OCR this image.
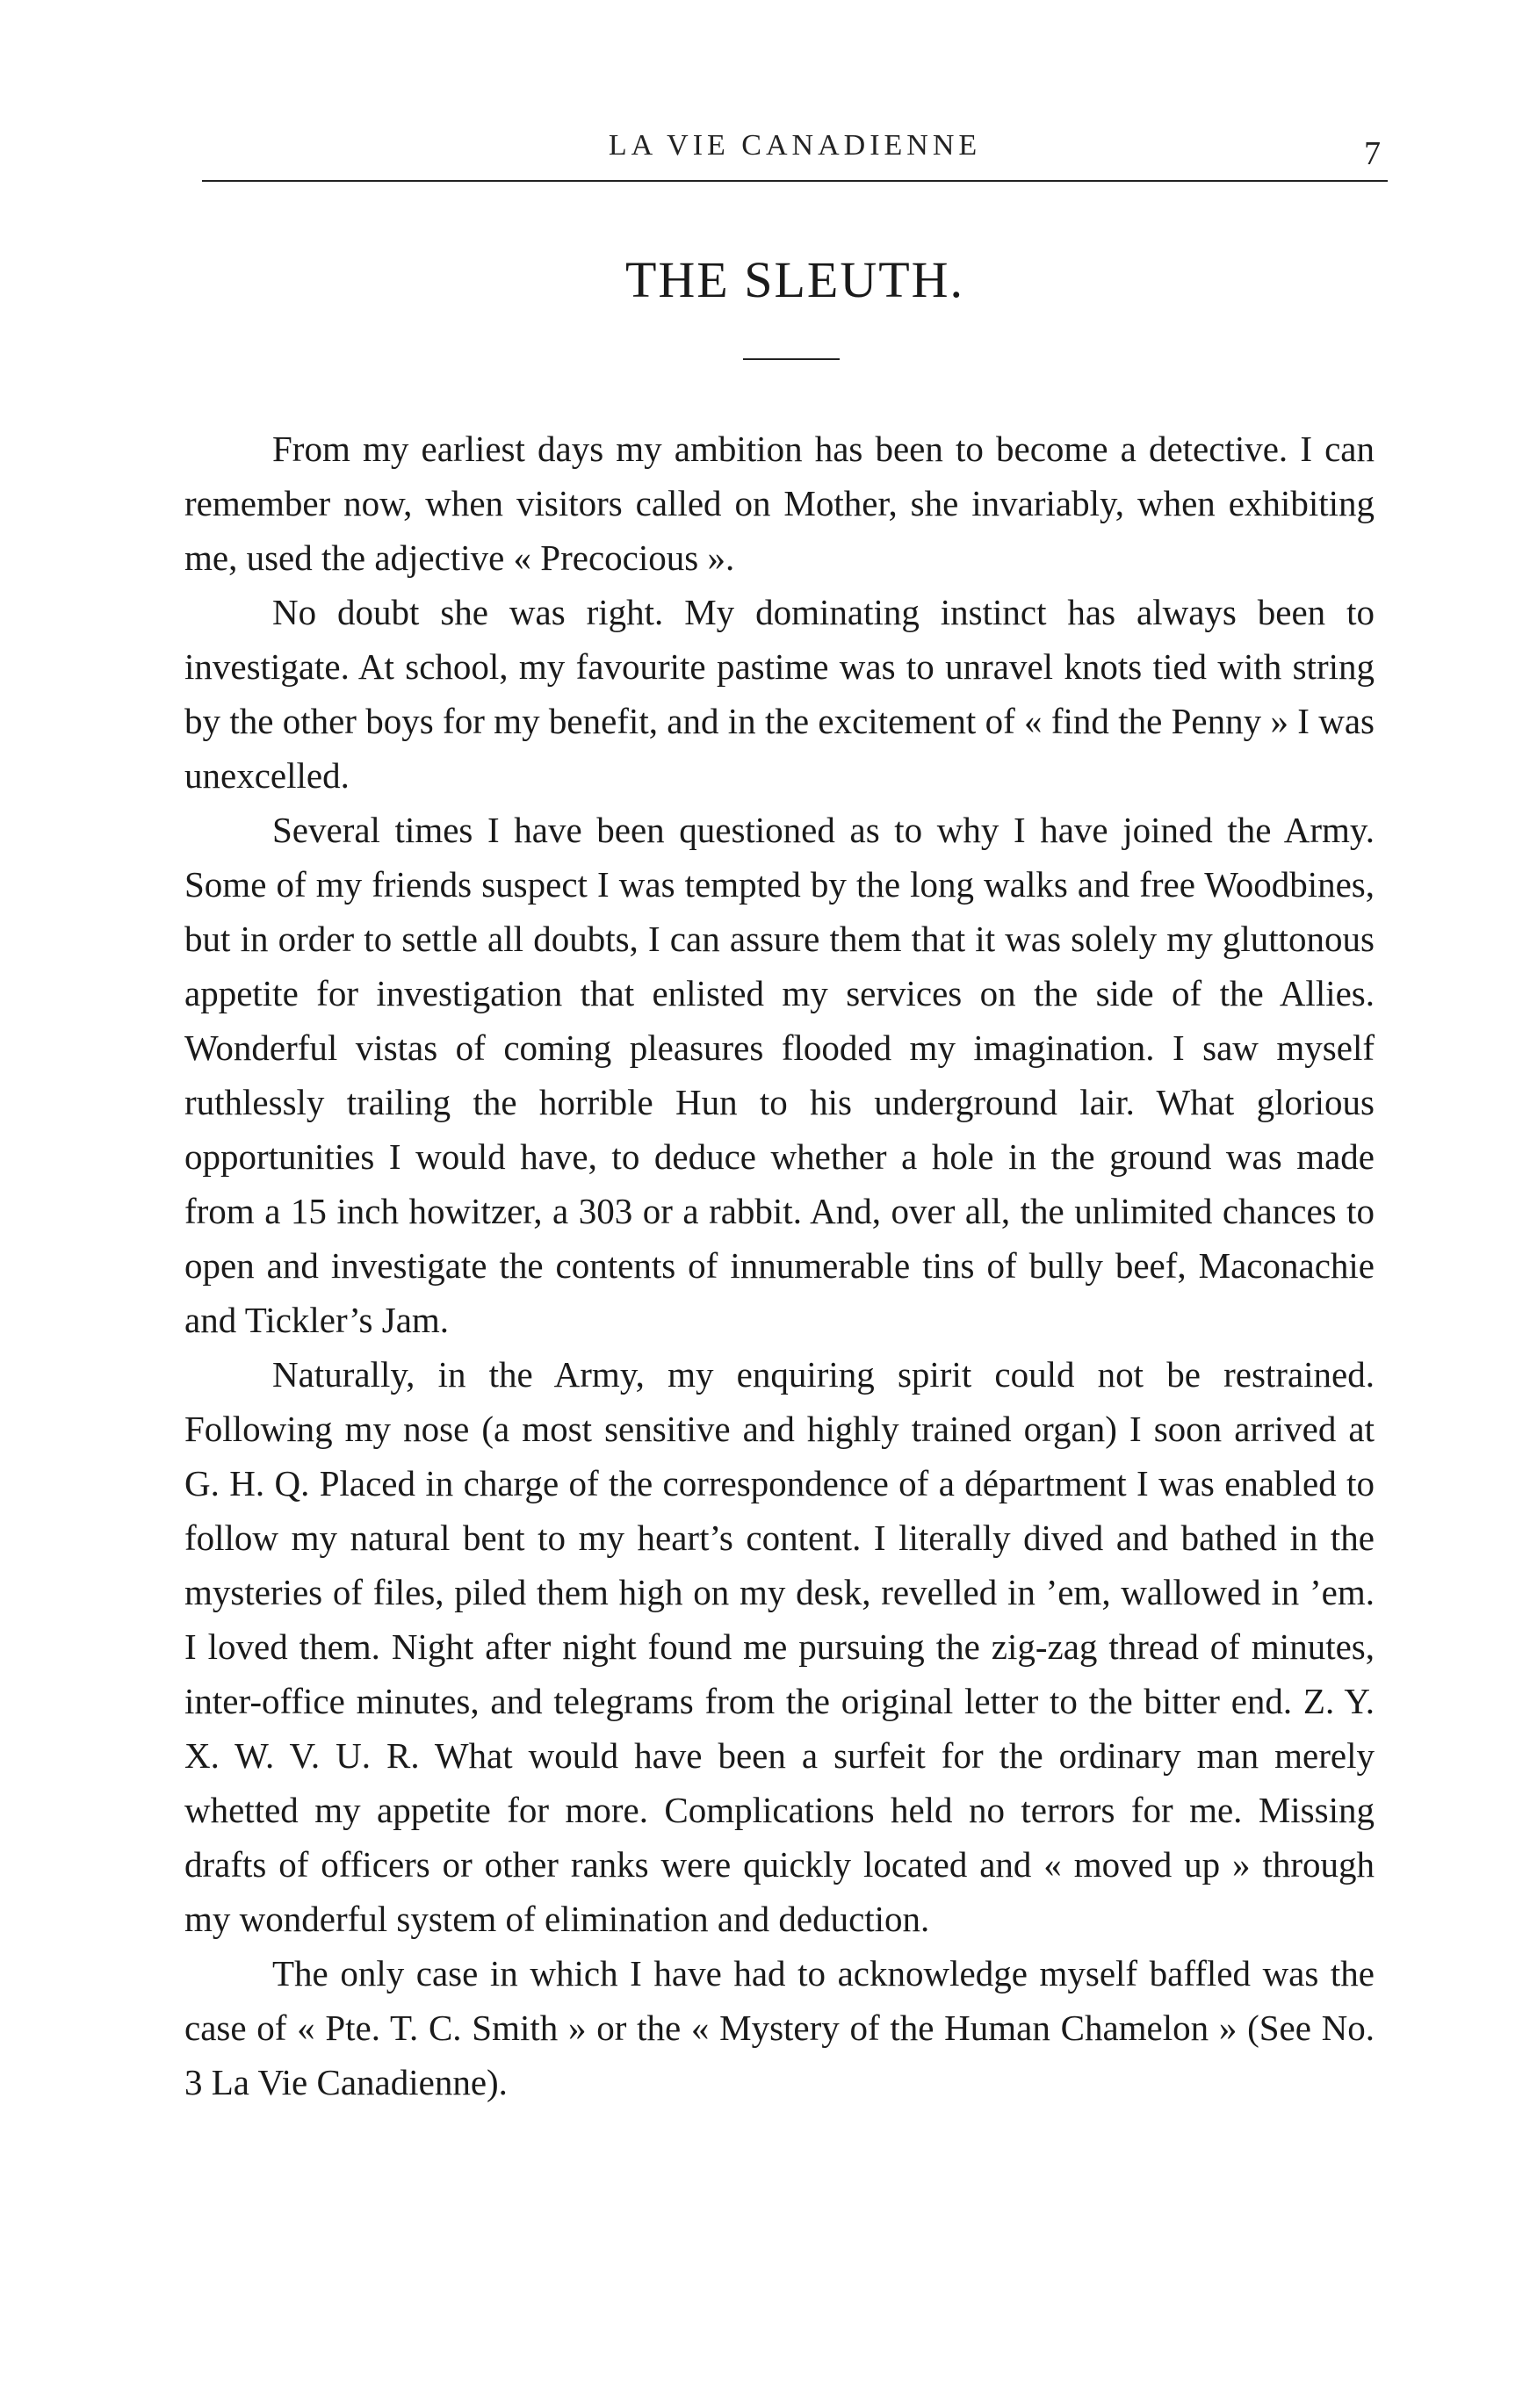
LA VIE CANADIENNE	7
THE SLEUTH.

From my earliest days my ambition has been to become a detective. I can remember now, when visitors called on Mother, she invariably, when exhibiting me, used the adjective « Precocious ».

No doubt she was right. My dominating instinct has always been to investigate. At school, my favourite pastime was to unravel knots tied with string by the other boys for my benefit, and in the excitement of « find the Penny » I was unexcelled.

Several times I have been questioned as to why I have joined the Army. Some of my friends suspect I was tempted by the long walks and free Woodbines, but in order to settle all doubts, I can assure them that it was solely my gluttonous appetite for investigation that enlisted my services on the side of the Allies. Wonderful vistas of coming pleasures flooded my imagination. I saw myself ruthlessly trailing the horrible Hun to his underground lair. What glorious opportunities I would have, to deduce whether a hole in the ground was made from a 15 inch howitzer, a 303 or a rabbit. And, over all, the unlimited chances to open and investigate the contents of innumerable tins of bully beef, Maconachie and Tickler’s Jam.

Naturally, in the Army, my enquiring spirit could not be restrained. Following my nose (a most sensitive and highly trained organ) I soon arrived at G. H. Q. Placed in charge of the correspondence of a départment I was enabled to follow my natural bent to my heart’s content. I literally dived and bathed in the mysteries of files, piled them high on my desk, revelled in ’em, wallowed in ’em. I loved them. Night after night found me pursuing the zig-zag thread of minutes, inter-office minutes, and telegrams from the original letter to the bitter end. Z. Y. X. W. V. U. R. What would have been a surfeit for the ordinary man merely whetted my appetite for more. Complications held no terrors for me. Missing drafts of officers or other ranks were quickly located and « moved up » through my wonderful system of elimination and deduction.

The only case in which I have had to acknowledge myself baffled was the case of « Pte. T. C. Smith » or the « Mystery of the Human Chamelon » (See No. 3 La Vie Canadienne).
